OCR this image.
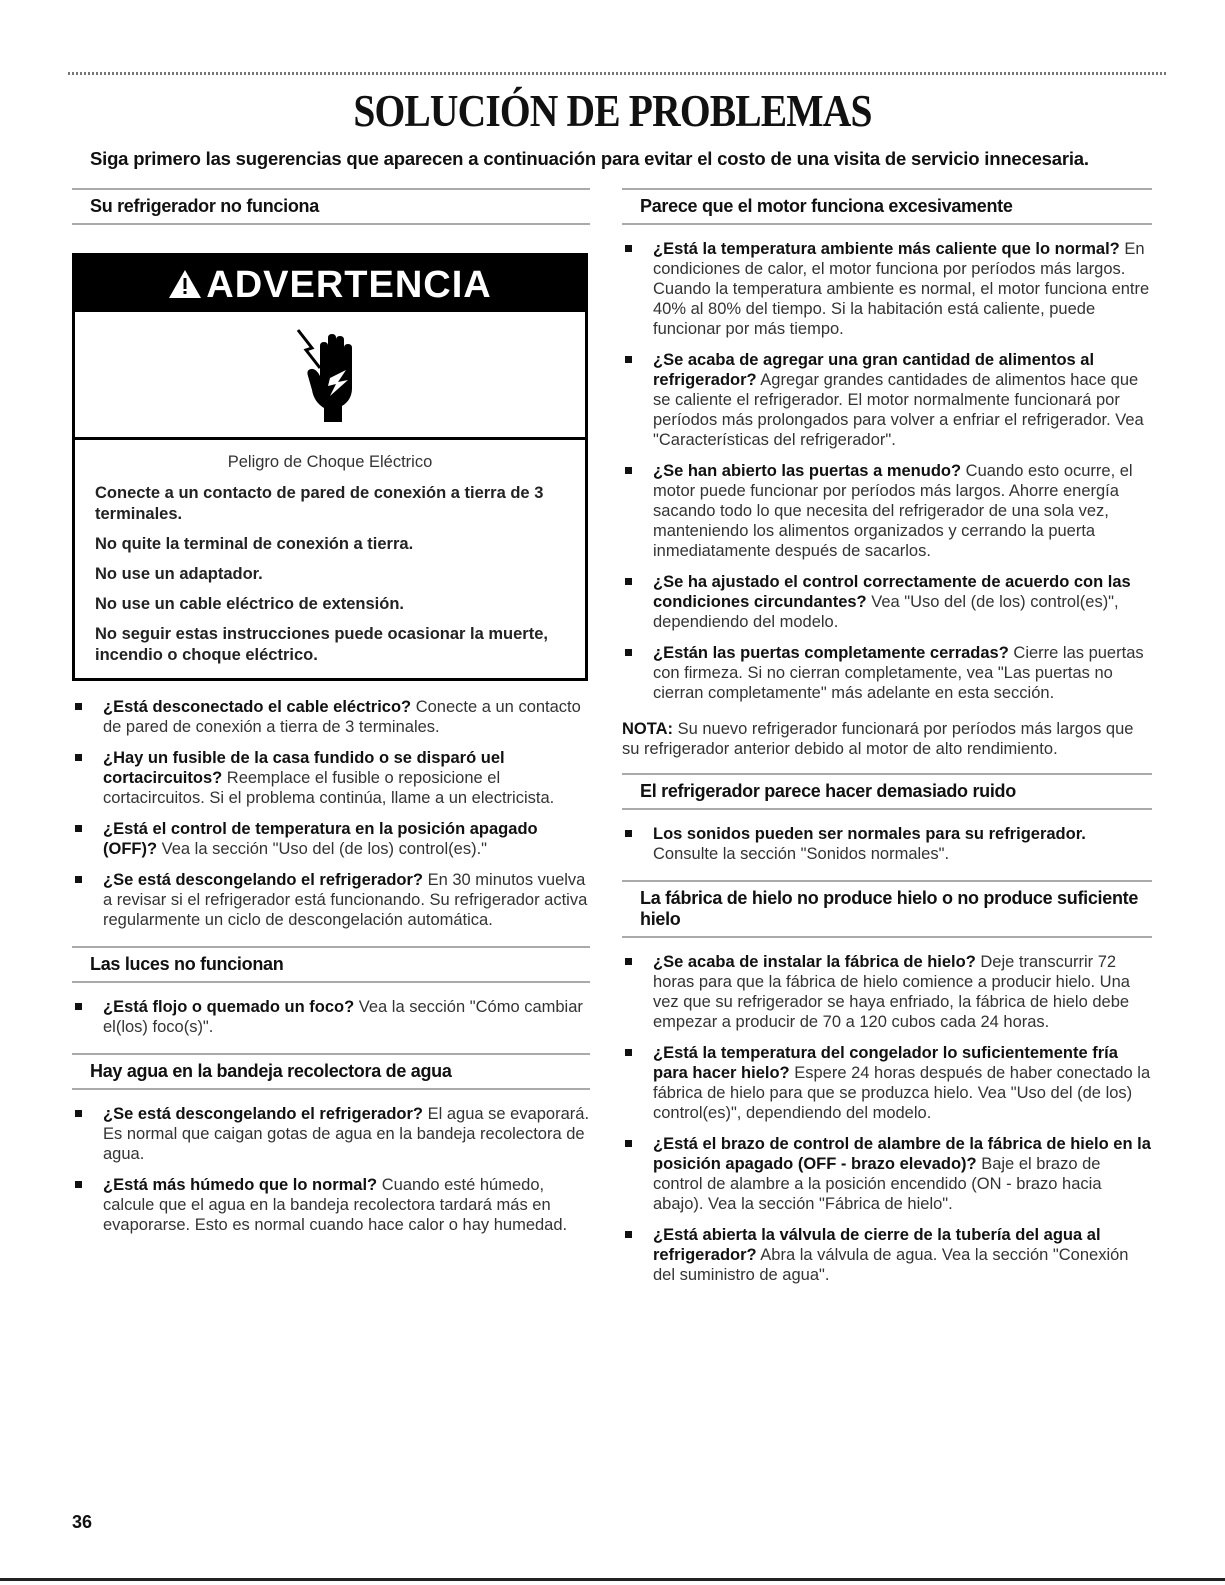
SOLUCIÓN DE PROBLEMAS
Siga primero las sugerencias que aparecen a continuación para evitar el costo de una visita de servicio innecesaria.
Su refrigerador no funciona
ADVERTENCIA

Peligro de Choque Eléctrico

Conecte a un contacto de pared de conexión a tierra de 3 terminales.

No quite la terminal de conexión a tierra.

No use un adaptador.

No use un cable eléctrico de extensión.

No seguir estas instrucciones puede ocasionar la muerte, incendio o choque eléctrico.

¿Está desconectado el cable eléctrico? Conecte a un contacto de pared de conexión a tierra de 3 terminales.
¿Hay un fusible de la casa fundido o se disparó uel cortacircuitos? Reemplace el fusible o reposicione el cortacircuitos. Si el problema continúa, llame a un electricista.
¿Está el control de temperatura en la posición apagado (OFF)? Vea la sección "Uso del (de los) control(es)."
¿Se está descongelando el refrigerador? En 30 minutos vuelva a revisar si el refrigerador está funcionando. Su refrigerador activa regularmente un ciclo de descongelación automática.
Las luces no funcionan
¿Está flojo o quemado un foco? Vea la sección "Cómo cambiar el(los) foco(s)".
Hay agua en la bandeja recolectora de agua
¿Se está descongelando el refrigerador? El agua se evaporará. Es normal que caigan gotas de agua en la bandeja recolectora de agua.
¿Está más húmedo que lo normal? Cuando esté húmedo, calcule que el agua en la bandeja recolectora tardará más en evaporarse. Esto es normal cuando hace calor o hay humedad.
Parece que el motor funciona excesivamente
¿Está la temperatura ambiente más caliente que lo normal? En condiciones de calor, el motor funciona por períodos más largos. Cuando la temperatura ambiente es normal, el motor funciona entre 40% al 80% del tiempo. Si la habitación está caliente, puede funcionar por más tiempo.
¿Se acaba de agregar una gran cantidad de alimentos al refrigerador? Agregar grandes cantidades de alimentos hace que se caliente el refrigerador. El motor normalmente funcionará por períodos más prolongados para volver a enfriar el refrigerador. Vea "Características del refrigerador".
¿Se han abierto las puertas a menudo? Cuando esto ocurre, el motor puede funcionar por períodos más largos. Ahorre energía sacando todo lo que necesita del refrigerador de una sola vez, manteniendo los alimentos organizados y cerrando la puerta inmediatamente después de sacarlos.
¿Se ha ajustado el control correctamente de acuerdo con las condiciones circundantes? Vea "Uso del (de los) control(es)", dependiendo del modelo.
¿Están las puertas completamente cerradas? Cierre las puertas con firmeza. Si no cierran completamente, vea "Las puertas no cierran completamente" más adelante en esta sección.

NOTA: Su nuevo refrigerador funcionará por períodos más largos que su refrigerador anterior debido al motor de alto rendimiento.

El refrigerador parece hacer demasiado ruido
Los sonidos pueden ser normales para su refrigerador. Consulte la sección "Sonidos normales".
La fábrica de hielo no produce hielo o no produce suficiente hielo
¿Se acaba de instalar la fábrica de hielo? Deje transcurrir 72 horas para que la fábrica de hielo comience a producir hielo. Una vez que su refrigerador se haya enfriado, la fábrica de hielo debe empezar a producir de 70 a 120 cubos cada 24 horas.
¿Está la temperatura del congelador lo suficientemente fría para hacer hielo? Espere 24 horas después de haber conectado la fábrica de hielo para que se produzca hielo. Vea "Uso del (de los) control(es)", dependiendo del modelo.
¿Está el brazo de control de alambre de la fábrica de hielo en la posición apagado (OFF - brazo elevado)? Baje el brazo de control de alambre a la posición encendido (ON - brazo hacia abajo). Vea la sección "Fábrica de hielo".
¿Está abierta la válvula de cierre de la tubería del agua al refrigerador? Abra la válvula de agua. Vea la sección "Conexión del suministro de agua".
36
